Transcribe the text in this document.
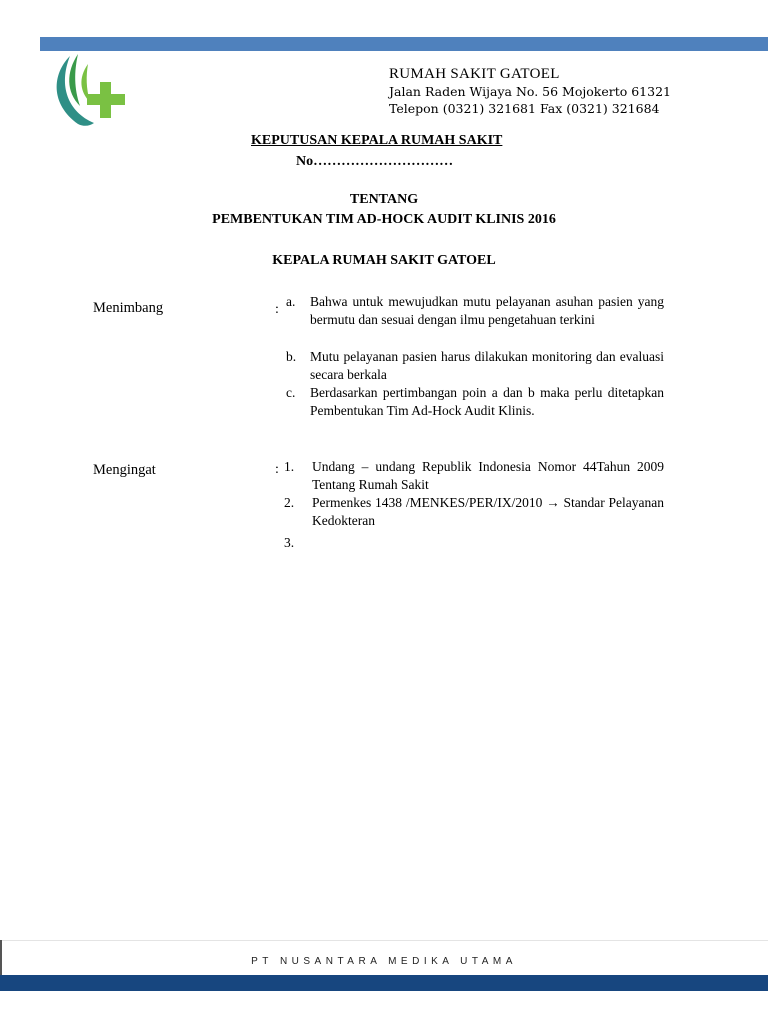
RUMAH SAKIT GATOEL
Jalan Raden Wijaya No. 56 Mojokerto 61321
Telepon (0321) 321681 Fax (0321) 321684
KEPUTUSAN KEPALA RUMAH SAKIT
No…………………………
TENTANG
PEMBENTUKAN TIM AD-HOCK AUDIT KLINIS 2016
KEPALA RUMAH SAKIT GATOEL
Menimbang	:
a. Bahwa untuk mewujudkan mutu pelayanan asuhan pasien yang bermutu dan sesuai dengan ilmu pengetahuan terkini
b. Mutu pelayanan pasien harus dilakukan monitoring dan evaluasi secara berkala
c. Berdasarkan pertimbangan poin a dan b maka perlu ditetapkan Pembentukan Tim Ad-Hock Audit Klinis.
Mengingat	: 1. Undang – undang Republik Indonesia Nomor 44Tahun 2009 Tentang Rumah Sakit
2. Permenkes 1438 /MENKES/PER/IX/2010 → Standar Pelayanan Kedokteran
3.
PT NUSANTARA MEDIKA UTAMA
